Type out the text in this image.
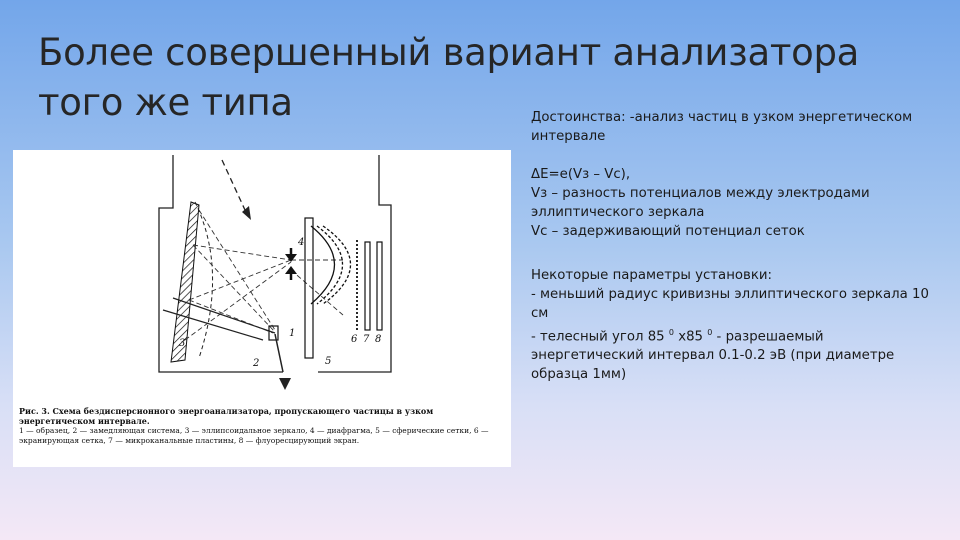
Более совершенный вариант анализатора
того же типа
4
3
2
1
5
6 7 8
Рис. 3. Схема бездисперсионного энергоанализатора, пропускающего частицы в узком энергетическом интервале.
1 — образец, 2 — замедляющая система, 3 — эллипсоидальное зеркало, 4 — диафрагма, 5 — сферические сетки, 6 — экранирующая сетка, 7 — микроканальные пластины, 8 — флуоресцирующий экран.

Достоинства: -анализ частиц в узком энергетическом интервале

ΔE=e(Vз – Vc),

Vз – разность потенциалов между электродами эллиптического зеркала

Vc – задерживающий потенциал сеток

Некоторые параметры установки:

- меньший радиус кривизны эллиптического зеркала 10 см

- телесный угол 85 $^0$ x85 $^0$ - разрешаемый энергетический интервал 0.1-0.2 эВ (при диаметре образца 1мм)
